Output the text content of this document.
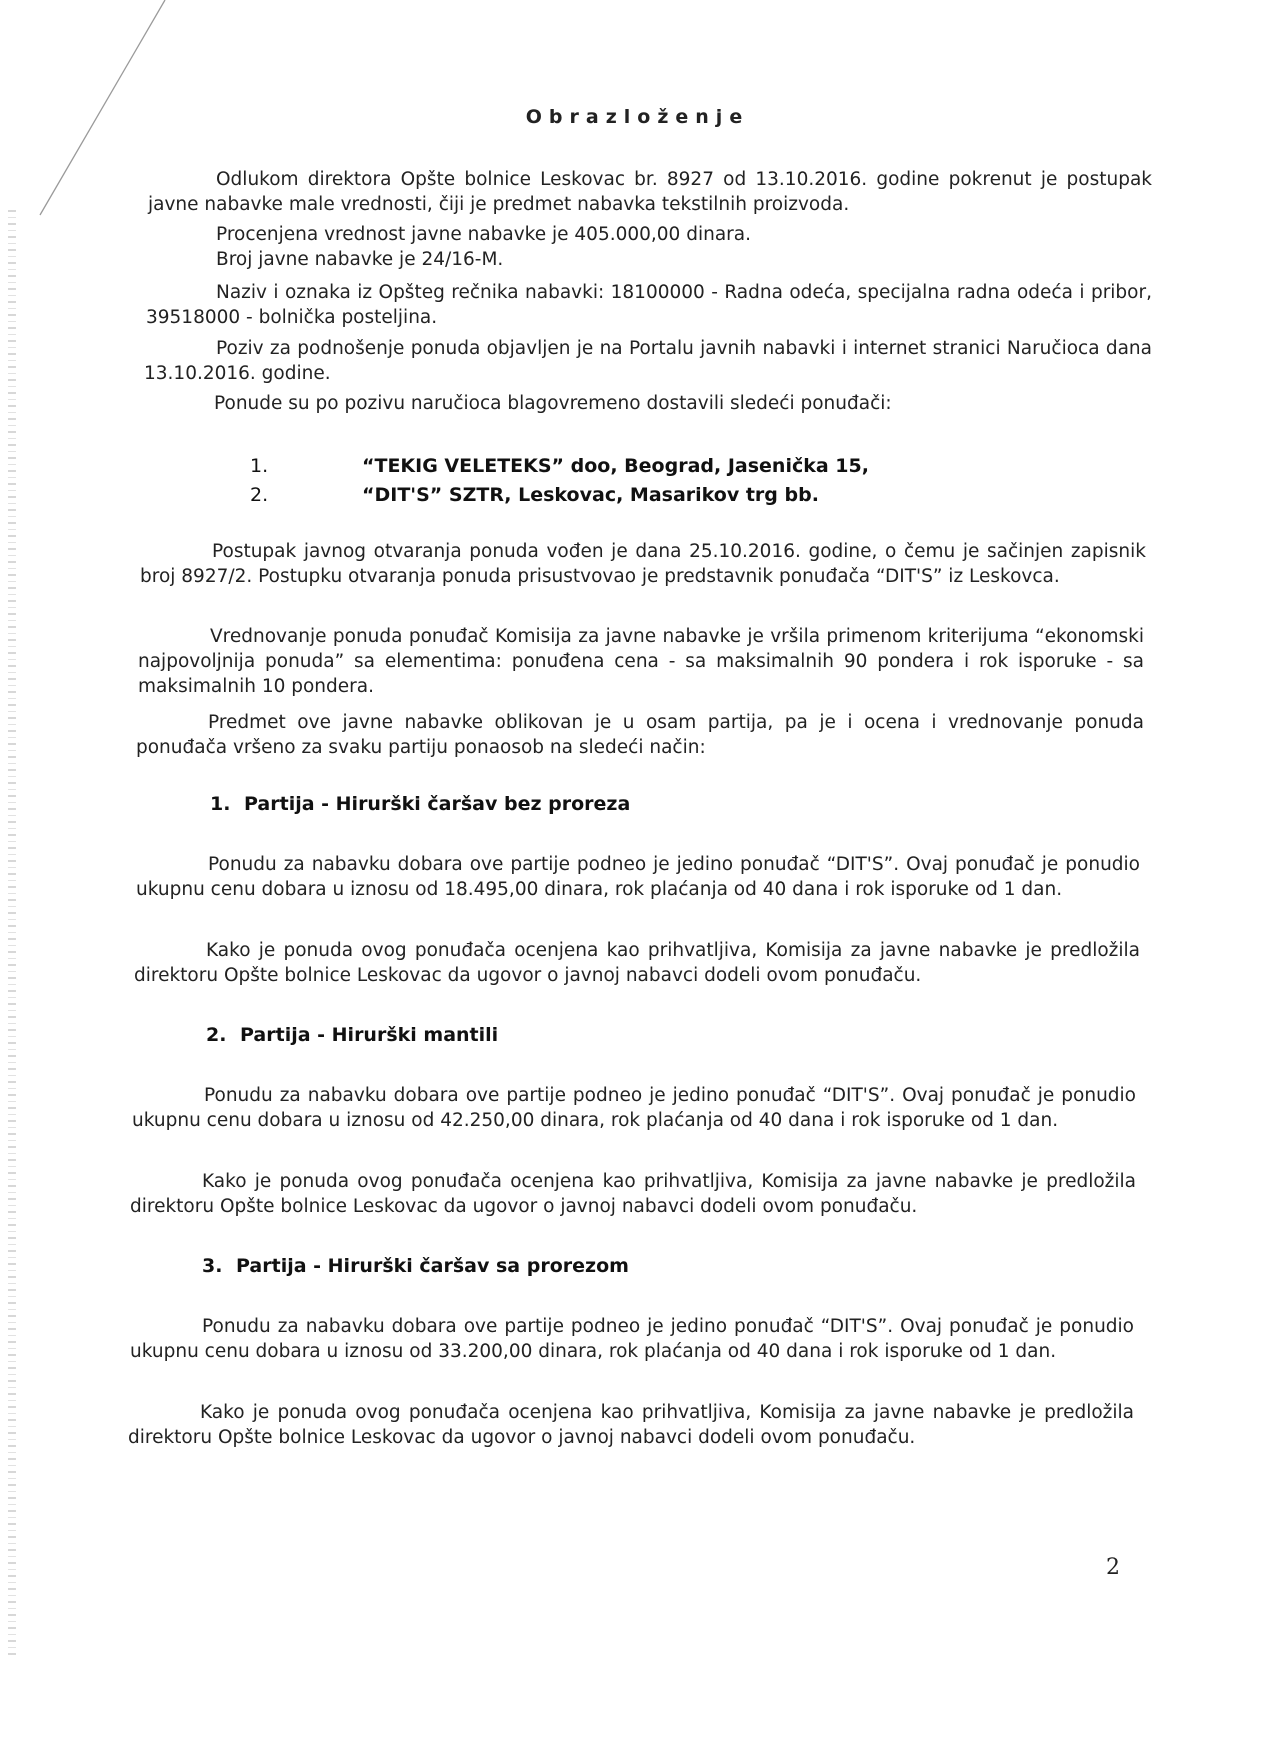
Obrazloženje

Odlukom direktora Opšte bolnice Leskovac br. 8927 od 13.10.2016. godine pokrenut je postupak javne nabavke male vrednosti, čiji je predmet nabavka tekstilnih proizvoda.

Procenjena vrednost javne nabavke je 405.000,00 dinara.

Broj javne nabavke je 24/16-M.

Naziv i oznaka iz Opšteg rečnika nabavki: 18100000 - Radna odeća, specijalna radna odeća i pribor, 39518000 - bolnička posteljina.

Poziv za podnošenje ponuda objavljen je na Portalu javnih nabavki i internet stranici Naručioca dana 13.10.2016. godine.

Ponude su po pozivu naručioca blagovremeno dostavili sledeći ponuđači:

1.	“TEKIG VELETEKS” doo, Beograd, Jasenička 15,
2.	“DIT'S” SZTR, Leskovac, Masarikov trg bb.

Postupak javnog otvaranja ponuda vođen je dana 25.10.2016. godine, o čemu je sačinjen zapisnik broj 8927/2. Postupku otvaranja ponuda prisustvovao je predstavnik ponuđača “DIT'S” iz Leskovca.

Vrednovanje ponuda ponuđač Komisija za javne nabavke je vršila primenom kriterijuma “ekonomski najpovoljnija ponuda” sa elementima: ponuđena cena - sa maksimalnih 90 pondera i rok isporuke - sa maksimalnih 10 pondera.

Predmet ove javne nabavke oblikovan je u osam partija, pa je i ocena i vrednovanje ponuda ponuđača vršeno za svaku partiju ponaosob na sledeći način:

1. Partija - Hirurški čaršav bez proreza

Ponudu za nabavku dobara ove partije podneo je jedino ponuđač “DIT'S”. Ovaj ponuđač je ponudio ukupnu cenu dobara u iznosu od 18.495,00 dinara, rok plaćanja od 40 dana i rok isporuke od 1 dan.

Kako je ponuda ovog ponuđača ocenjena kao prihvatljiva, Komisija za javne nabavke je predložila direktoru Opšte bolnice Leskovac da ugovor o javnoj nabavci dodeli ovom ponuđaču.

2. Partija - Hirurški mantili

Ponudu za nabavku dobara ove partije podneo je jedino ponuđač “DIT'S”. Ovaj ponuđač je ponudio ukupnu cenu dobara u iznosu od 42.250,00 dinara, rok plaćanja od 40 dana i rok isporuke od 1 dan.

Kako je ponuda ovog ponuđača ocenjena kao prihvatljiva, Komisija za javne nabavke je predložila direktoru Opšte bolnice Leskovac da ugovor o javnoj nabavci dodeli ovom ponuđaču.

3. Partija - Hirurški čaršav sa prorezom

Ponudu za nabavku dobara ove partije podneo je jedino ponuđač “DIT'S”. Ovaj ponuđač je ponudio ukupnu cenu dobara u iznosu od 33.200,00 dinara, rok plaćanja od 40 dana i rok isporuke od 1 dan.

Kako je ponuda ovog ponuđača ocenjena kao prihvatljiva, Komisija za javne nabavke je predložila direktoru Opšte bolnice Leskovac da ugovor o javnoj nabavci dodeli ovom ponuđaču.

2
